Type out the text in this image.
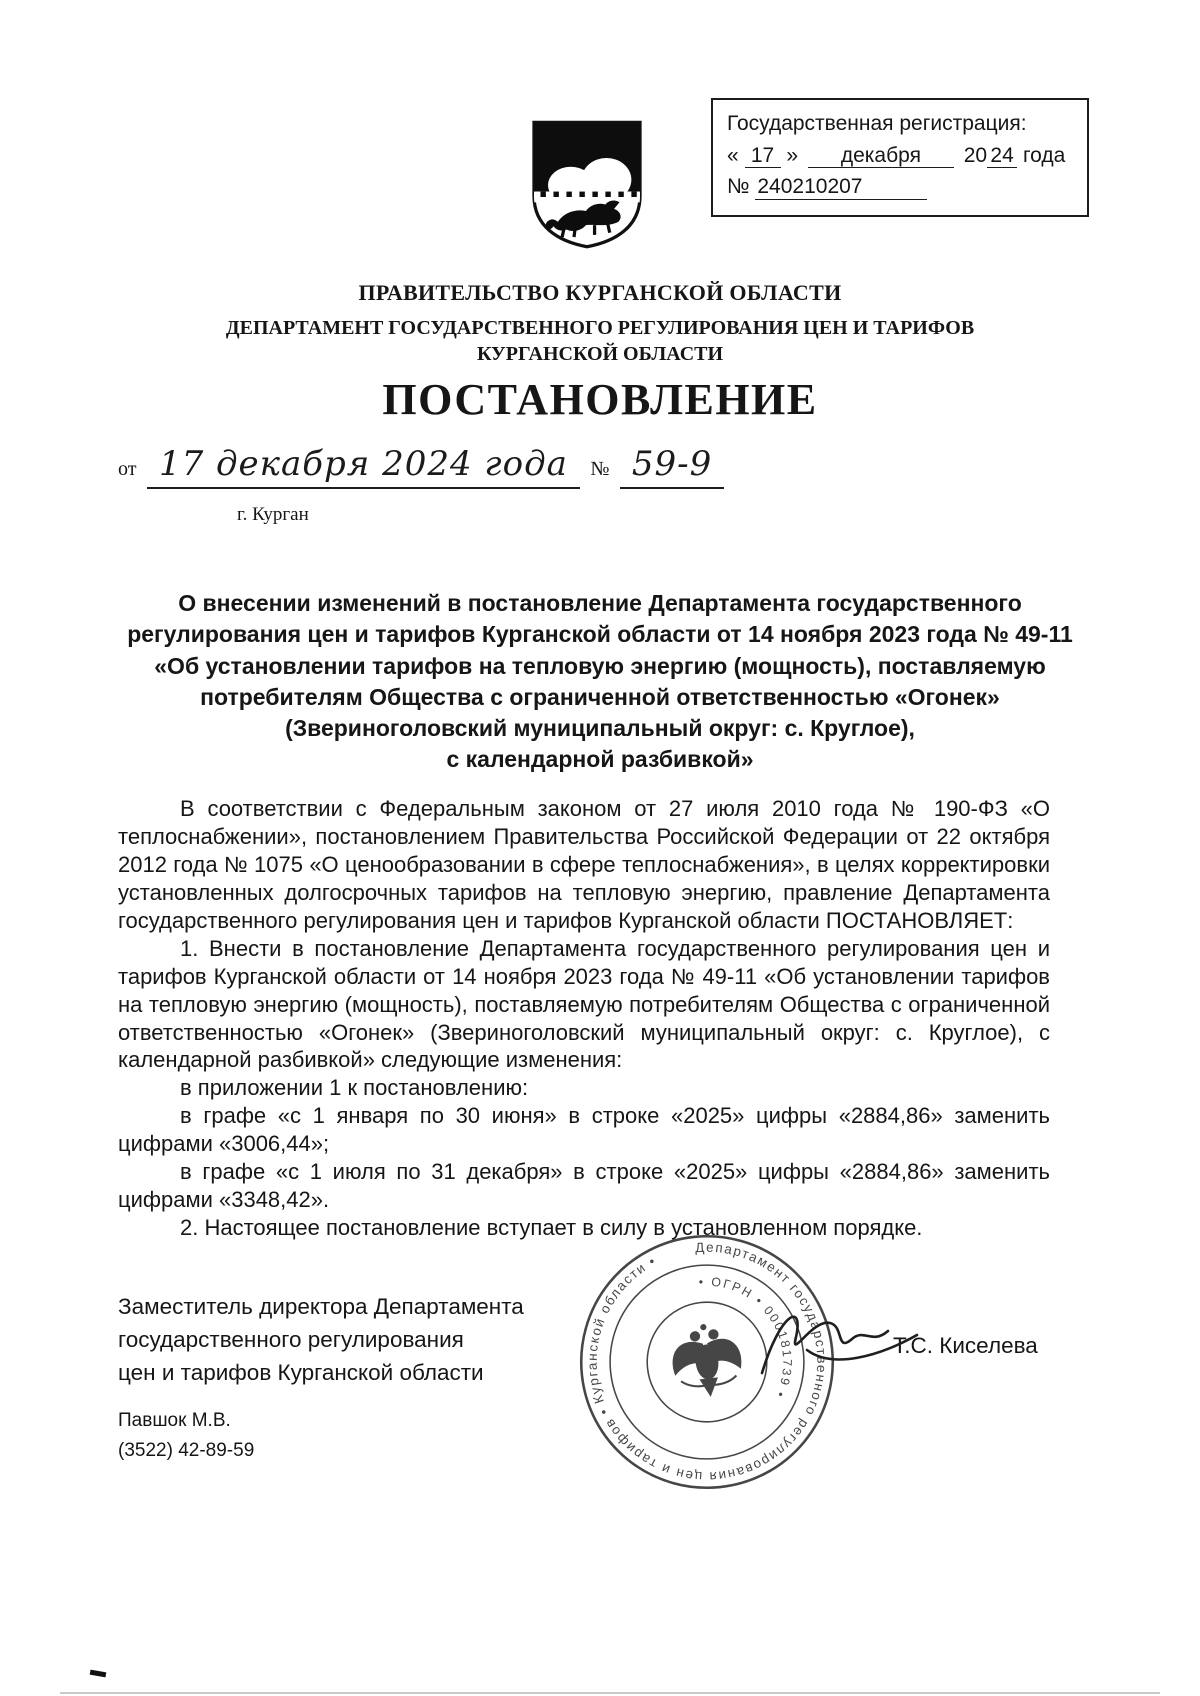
Государственная регистрация:
« 17 » декабря 20 24 года
№ 240210207
ПРАВИТЕЛЬСТВО КУРГАНСКОЙ ОБЛАСТИ
ДЕПАРТАМЕНТ ГОСУДАРСТВЕННОГО РЕГУЛИРОВАНИЯ ЦЕН И ТАРИФОВ
КУРГАНСКОЙ ОБЛАСТИ
ПОСТАНОВЛЕНИЕ
от 17 декабря 2024 года № 59-9
г. Курган
О внесении изменений в постановление Департамента государственного
регулирования цен и тарифов Курганской области от 14 ноября 2023 года № 49-11
«Об установлении тарифов на тепловую энергию (мощность), поставляемую
потребителям Общества с ограниченной ответственностью «Огонек»
(Звериноголовский муниципальный округ: с. Круглое),
с календарной разбивкой»

В соответствии с Федеральным законом от 27 июля 2010 года № 190-ФЗ «О теплоснабжении», постановлением Правительства Российской Федерации от 22 октября 2012 года № 1075 «О ценообразовании в сфере теплоснабжения», в целях корректировки установленных долгосрочных тарифов на тепловую энергию, правление Департамента государственного регулирования цен и тарифов Курганской области ПОСТАНОВЛЯЕТ:

1. Внести в постановление Департамента государственного регулирования цен и тарифов Курганской области от 14 ноября 2023 года № 49-11 «Об установлении тарифов на тепловую энергию (мощность), поставляемую потребителям Общества с ограниченной ответственностью «Огонек» (Звериноголовский муниципальный округ: с. Круглое), с календарной разбивкой» следующие изменения:

в приложении 1 к постановлению:

в графе «с 1 января по 30 июня» в строке «2025» цифры «2884,86» заменить цифрами «3006,44»;

в графе «с 1 июля по 31 декабря» в строке «2025» цифры «2884,86» заменить цифрами «3348,42».

2. Настоящее постановление вступает в силу в установленном порядке.

Заместитель директора Департамента
государственного регулирования
цен и тарифов Курганской области
Т.С. Киселева
Департамент государственного регулирования цен и тарифов • Курганской области •
• ОГРН • 000181739 •
Павшок М.В.
(3522) 42-89-59
